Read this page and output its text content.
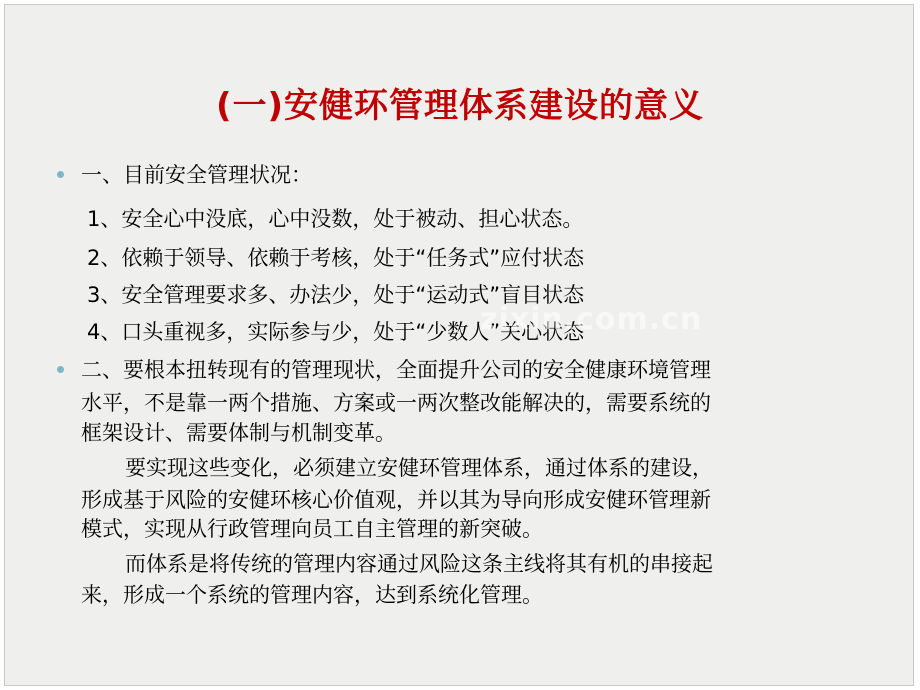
(一)安健环管理体系建设的意义
一、目前安全管理状况：
1、安全心中没底，心中没数，处于被动、担心状态。
2、依赖于领导、依赖于考核，处于“任务式”应付状态
3、安全管理要求多、办法少，处于“运动式”盲目状态
4、口头重视多，实际参与少，处于“少数人”关心状态
二、要根本扭转现有的管理现状，全面提升公司的安全健康环境管理
水平，不是靠一两个措施、方案或一两次整改能解决的，需要系统的
框架设计、需要体制与机制变革。
要实现这些变化，必须建立安健环管理体系，通过体系的建设，
形成基于风险的安健环核心价值观，并以其为导向形成安健环管理新
模式，实现从行政管理向员工自主管理的新突破。
而体系是将传统的管理内容通过风险这条主线将其有机的串接起
来，形成一个系统的管理内容，达到系统化管理。
zixin.com.cn
